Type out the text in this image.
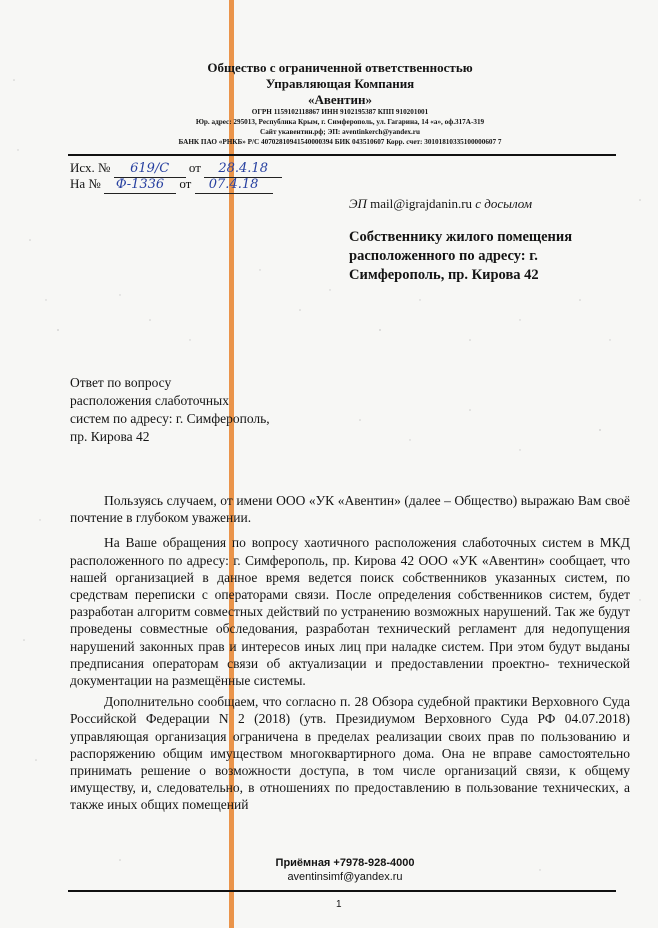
Общество с ограниченной ответственностью
Управляющая Компания
«Авентин»
ОГРН 1159102118867 ИНН 9102195387 КПП 910201001
Юр. адрес: 295013, Республика Крым, г. Симферополь, ул. Гагарина, 14 «а», оф.317А-319
Сайт укавентин.рф; ЭП: aventinkerch@yandex.ru
БАНК ПАО «РНКБ» Р/С 40702810941540000394 БИК 043510607 Корр. счет: 30101810335100000607 7
Исх. № 619/С от 28.4.18
На № Ф-1336 от 07.4.18
ЭП mail@igrajdanin.ru с досылом
Собственнику жилого помещения расположенного по адресу: г. Симферополь, пр. Кирова 42
Ответ по вопросу
расположения слаботочных
систем по адресу: г. Симферополь,
пр. Кирова 42

Пользуясь случаем, от имени ООО «УК «Авентин» (далее – Общество) выражаю Вам своё почтение в глубоком уважении.

На Ваше обращения по вопросу хаотичного расположения слаботочных систем в МКД расположенного по адресу: г. Симферополь, пр. Кирова 42 ООО «УК «Авентин» сообщает, что нашей организацией в данное время ведется поиск собственников указанных систем, по средствам переписки с операторами связи. После определения собственников систем, будет разработан алгоритм совместных действий по устранению возможных нарушений. Так же будут проведены совместные обследования, разработан технический регламент для недопущения нарушений законных прав и интересов иных лиц при наладке систем. При этом будут выданы предписания операторам связи об актуализации и предоставлении проектно- технической документации на размещённые системы.

Дополнительно сообщаем, что согласно п. 28 Обзора судебной практики Верховного Суда Российской Федерации N 2 (2018) (утв. Президиумом Верховного Суда РФ 04.07.2018) управляющая организация ограничена в пределах реализации своих прав по пользованию и распоряжению общим имуществом многоквартирного дома. Она не вправе самостоятельно принимать решение о возможности доступа, в том числе организаций связи, к общему имуществу, и, следовательно, в отношениях по предоставлению в пользование технических, а также иных общих помещений

Приёмная +7978-928-4000
aventinsimf@yandex.ru
1
